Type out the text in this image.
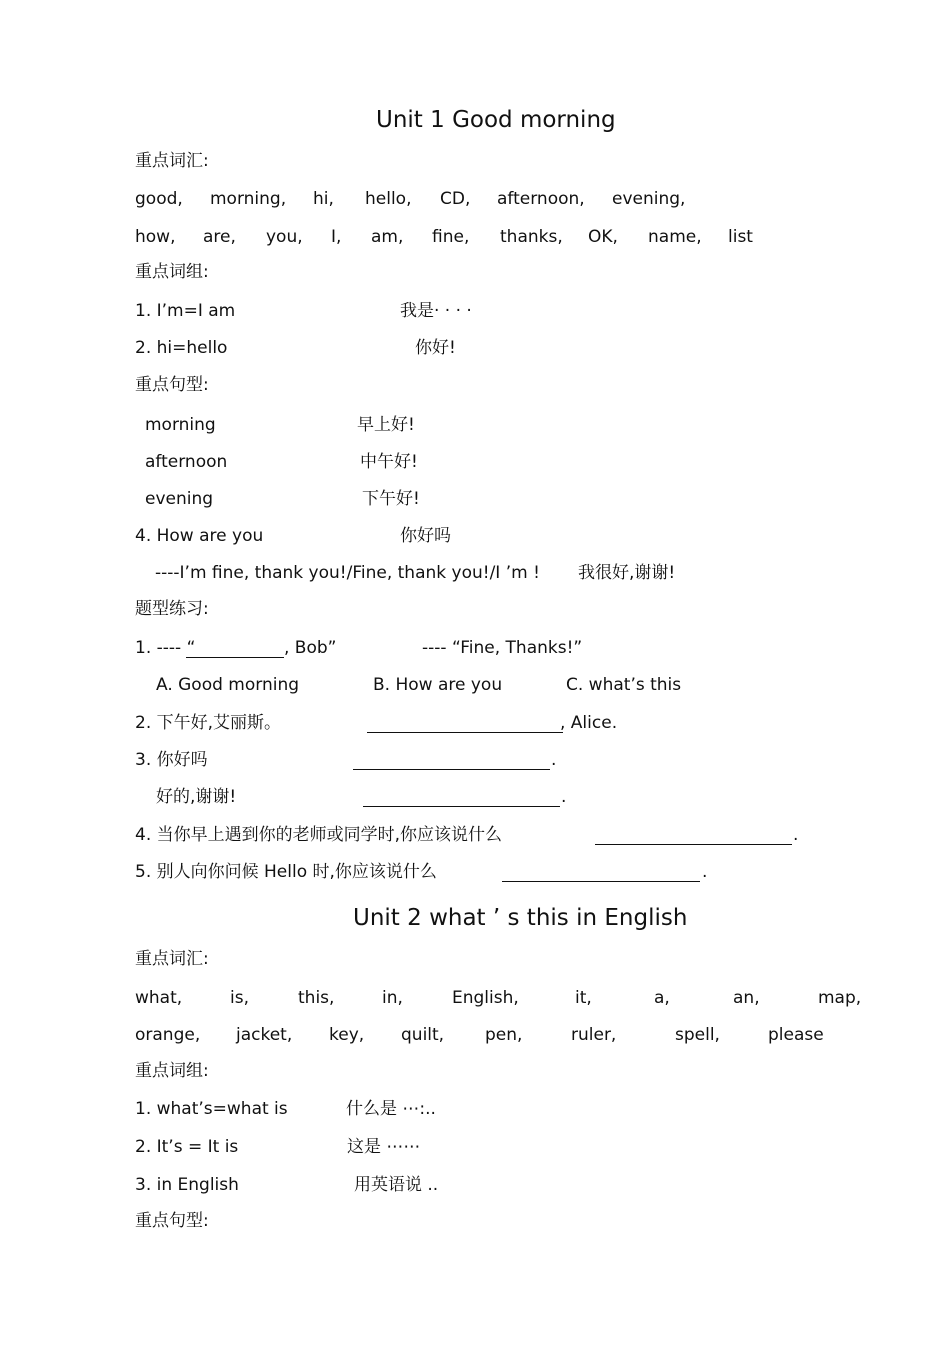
Unit 1 Good morning
重点词汇:
good, morning, hi, hello, CD, afternoon, evening,
how, are, you, I, am, fine, thanks, OK, name, list
重点词组:
1. I’m=I am	我是· · · ·
2. hi=hello	你好!
重点句型:
morning	早上好!
afternoon	中午好!
evening	下午好!
4. How are you	你好吗
----I’m fine, thank you!/Fine, thank you!/I ’m ! 我很好,谢谢!
题型练习:
1. ---- “	, Bob”	---- “Fine, Thanks!”
A. Good morning	B. How are you	C. what’s this
2. 下午好,艾丽斯。	, Alice.
3. 你好吗	.
好的,谢谢!	.
4. 当你早上遇到你的老师或同学时,你应该说什么	.
5. 别人向你问候 Hello 时,你应该说什么	.
Unit 2 what ’ s this in English
重点词汇:
what,	is,	this,	in,	English,	it,	a,	an,	map,
orange, jacket, key, quilt, pen,	ruler,	spell,	please
重点词组:
1. what’s=what is	什么是 ⋯:..
2. It’s = It is	这是 ⋯⋯
3. in English	用英语说 ..
重点句型:
